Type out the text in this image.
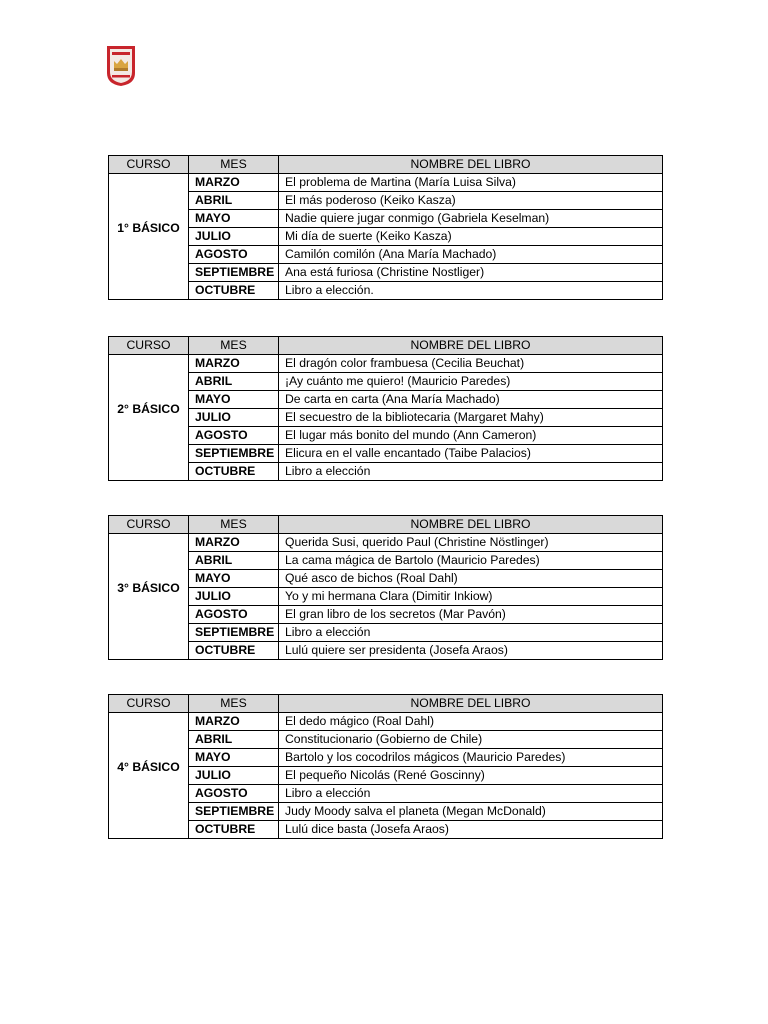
CURSO	MES	NOMBRE DEL LIBRO

1° BÁSICO	MARZO	El problema de Martina (María Luisa Silva)
	ABRIL	El más poderoso (Keiko Kasza)
	MAYO	Nadie quiere jugar conmigo (Gabriela Keselman)
	JULIO	Mi día de suerte (Keiko Kasza)
	AGOSTO	Camilón comilón (Ana María Machado)
	SEPTIEMBRE	Ana está furiosa (Christine Nostliger)
	OCTUBRE	Libro a elección.
CURSO	MES	NOMBRE DEL LIBRO

2° BÁSICO	MARZO	El dragón color frambuesa (Cecilia Beuchat)
	ABRIL	¡Ay cuánto me quiero! (Mauricio Paredes)
	MAYO	De carta en carta (Ana María Machado)
	JULIO	El secuestro de la bibliotecaria (Margaret Mahy)
	AGOSTO	El lugar más bonito del mundo (Ann Cameron)
	SEPTIEMBRE	Elicura en el valle encantado (Taibe Palacios)
	OCTUBRE	Libro a elección
CURSO	MES	NOMBRE DEL LIBRO

3° BÁSICO	MARZO	Querida Susi, querido Paul (Christine Nöstlinger)
	ABRIL	La cama mágica de Bartolo (Mauricio Paredes)
	MAYO	Qué asco de bichos (Roal Dahl)
	JULIO	Yo y mi hermana Clara (Dimitir Inkiow)
	AGOSTO	El gran libro de los secretos (Mar Pavón)
	SEPTIEMBRE	Libro a elección
	OCTUBRE	Lulú quiere ser presidenta (Josefa Araos)
CURSO	MES	NOMBRE DEL LIBRO

4° BÁSICO	MARZO	El dedo mágico (Roal Dahl)
	ABRIL	Constitucionario (Gobierno de Chile)
	MAYO	Bartolo y los cocodrilos mágicos (Mauricio Paredes)
	JULIO	El pequeño Nicolás (René Goscinny)
	AGOSTO	Libro a elección
	SEPTIEMBRE	Judy Moody salva el planeta (Megan McDonald)
	OCTUBRE	Lulú dice basta (Josefa Araos)
